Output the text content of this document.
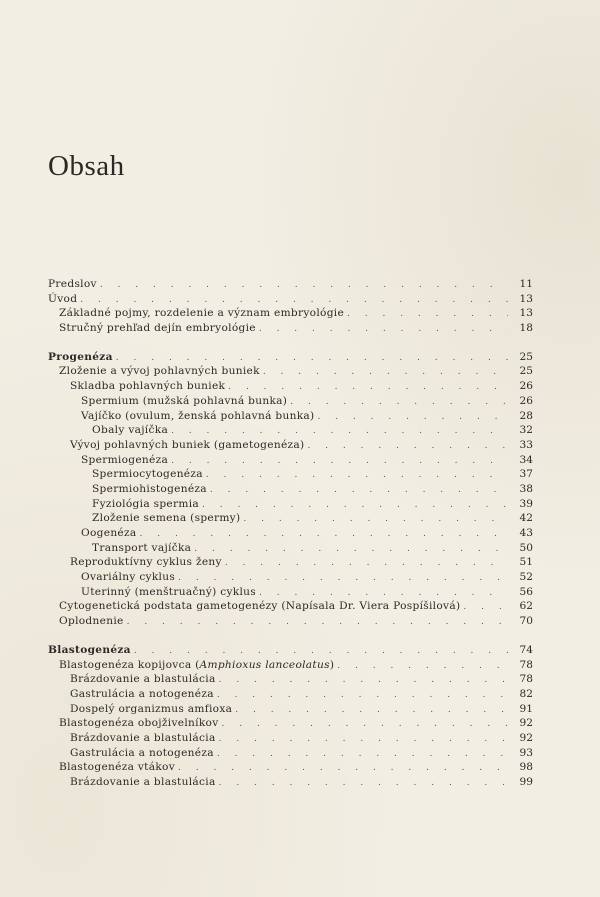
Obsah
Predslov . . .	11
Úvod . . .	13
Základné pojmy, rozdelenie a význam embryológie . . .	13
Stručný prehľad dejín embryológie . . .	18
Progenéza . . .	25
Zloženie a vývoj pohlavných buniek . . .	25
Skladba pohlavných buniek . . .	26
Spermium (mužská pohlavná bunka) . . .	26
Vajíčko (ovulum, ženská pohlavná bunka) . . .	28
Obaly vajíčka . . .	32
Vývoj pohlavných buniek (gametogenéza) . . .	33
Spermiogenéza . . .	34
Spermiocytogenéza . . .	37
Spermiohistogenéza . . .	38
Fyziológia spermia . . .	39
Zloženie semena (spermy) . . .	42
Oogenéza . . .	43
Transport vajíčka . . .	50
Reproduktívny cyklus ženy . . .	51
Ovariálny cyklus . . .	52
Uterinný (menštruačný) cyklus . . .	56
Cytogenetická podstata gametogenézy (Napísala Dr. Viera Pospíšilová) . . .	62
Oplodnenie . . .	70
Blastogenéza . . .	74
Blastogenéza kopijovca (Amphioxus lanceolatus) . . .	78
Brázdovanie a blastulácia . . .	78
Gastrulácia a notogenéza . . .	82
Dospelý organizmus amfioxa . . .	91
Blastogenéza obojživelníkov . . .	92
Brázdovanie a blastulácia . . .	92
Gastrulácia a notogenéza . . .	93
Blastogenéza vtákov . . .	98
Brázdovanie a blastulácia . . .	99
